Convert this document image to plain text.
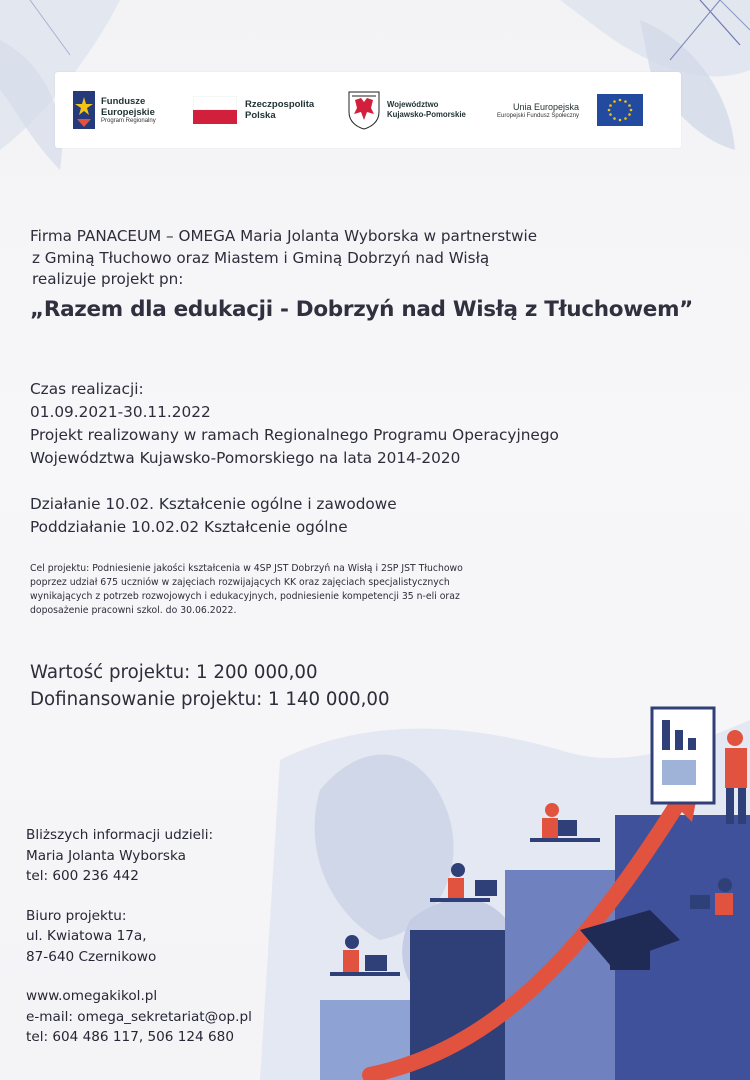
Fundusze
Europejskie
Program Regionalny
Rzeczpospolita
Polska
Województwo
Kujawsko-Pomorskie
Unia Europejska
Europejski Fundusz Społeczny
Firma PANACEUM – OMEGA Maria Jolanta Wyborska w partnerstwie
z Gminą Tłuchowo oraz Miastem i Gminą Dobrzyń nad Wisłą
realizuje projekt pn:
„Razem dla edukacji - Dobrzyń nad Wisłą z Tłuchowem”
Czas realizacji:
01.09.2021-30.11.2022
Projekt realizowany w ramach Regionalnego Programu Operacyjnego
Województwa Kujawsko-Pomorskiego na lata 2014-2020
Działanie 10.02. Kształcenie ogólne i zawodowe
Poddziałanie 10.02.02 Kształcenie ogólne
Cel projektu: Podniesienie jakości kształcenia w 4SP JST Dobrzyń na Wisłą i 2SP JST Tłuchowo
poprzez udział 675 uczniów w zajęciach rozwijających KK oraz zajęciach specjalistycznych
wynikających z potrzeb rozwojowych i edukacyjnych, podniesienie kompetencji 35 n-eli oraz
doposażenie pracowni szkol. do 30.06.2022.
Wartość projektu: 1 200 000,00
Dofinansowanie projektu: 1 140 000,00
Bliższych informacji udzieli:
Maria Jolanta Wyborska
tel: 600 236 442
Biuro projektu:
ul. Kwiatowa 17a,
87-640 Czernikowo
www.omegakikol.pl
e-mail: omega_sekretariat@op.pl
tel: 604 486 117, 506 124 680
